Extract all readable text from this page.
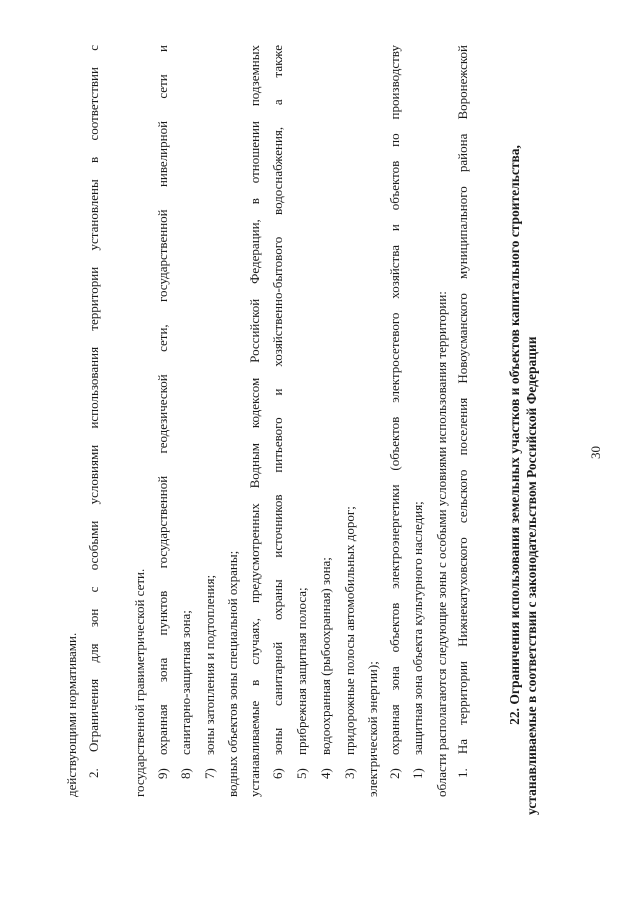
30
22. Ограничения использования земельных участков и объектов капитального строительства, устанавливаемые в соответствии с законодательством Российской Федерации
1. На территории Нижнекатуховского сельского поселения Новоусманского муниципального района Воронежской
области располагаются следующие зоны с особыми условиями использования территории:
1)
защитная зона объекта культурного наследия;
2)
охранная зона объектов электроэнергетики (объектов электросетевого хозяйства и объектов по производству
электрической энергии);
3)
придорожные полосы автомобильных дорог;
4)
водоохранная (рыбоохранная) зона;
5)
прибрежная защитная полоса;
6)
зоны санитарной охраны источников питьевого и хозяйственно-бытового водоснабжения, а также
устанавливаемые в случаях, предусмотренных Водным кодексом Российской Федерации, в отношении подземных
водных объектов зоны специальной охраны;
7)
зоны затопления и подтопления;
8)
санитарно-защитная зона;
9)
охранная зона пунктов государственной геодезической сети, государственной нивелирной сети и
государственной гравиметрической сети.
2. Ограничения для зон с особыми условиями использования территории установлены в соответствии с
действующими нормативами.
